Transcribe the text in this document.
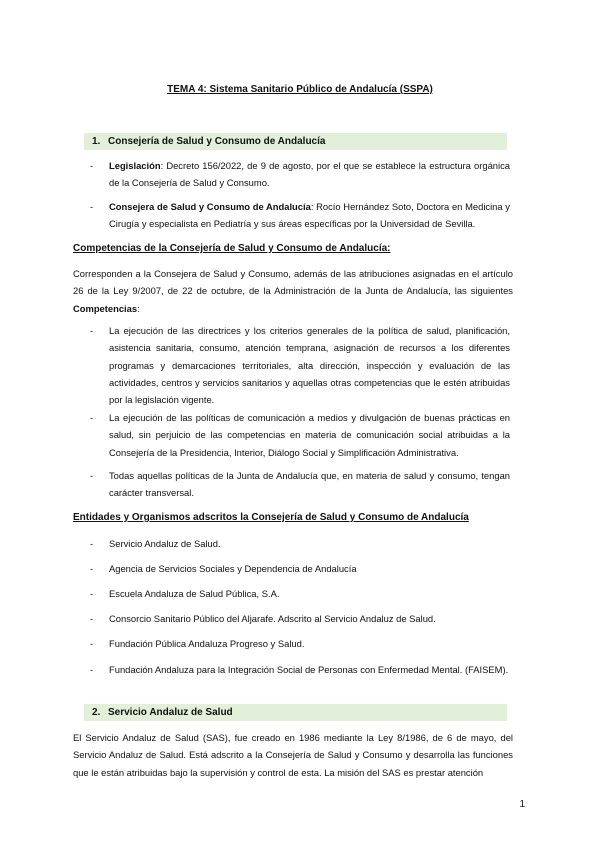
TEMA 4: Sistema Sanitario Público de Andalucía (SSPA)
1. Consejería de Salud y Consumo de Andalucía
- Legislación: Decreto 156/2022, de 9 de agosto, por el que se establece la estructura orgánica de la Consejería de Salud y Consumo.
- Consejera de Salud y Consumo de Andalucía: Rocío Hernández Soto, Doctora en Medicina y Cirugía y especialista en Pediatría y sus áreas específicas por la Universidad de Sevilla.
Competencias de la Consejería de Salud y Consumo de Andalucía:
Corresponden a la Consejera de Salud y Consumo, además de las atribuciones asignadas en el artículo 26 de la Ley 9/2007, de 22 de octubre, de la Administración de la Junta de Andalucía, las siguientes Competencias:
- La ejecución de las directrices y los criterios generales de la política de salud, planificación, asistencia sanitaria, consumo, atención temprana, asignación de recursos a los diferentes programas y demarcaciones territoriales, alta dirección, inspección y evaluación de las actividades, centros y servicios sanitarios y aquellas otras competencias que le estén atribuidas por la legislación vigente.
- La ejecución de las políticas de comunicación a medios y divulgación de buenas prácticas en salud, sin perjuicio de las competencias en materia de comunicación social atribuidas a la Consejería de la Presidencia, Interior, Diálogo Social y Simplificación Administrativa.
- Todas aquellas políticas de la Junta de Andalucía que, en materia de salud y consumo, tengan carácter transversal.
Entidades y Organismos adscritos la Consejería de Salud y Consumo de Andalucía
- Servicio Andaluz de Salud.
- Agencia de Servicios Sociales y Dependencia de Andalucía
- Escuela Andaluza de Salud Pública, S.A.
- Consorcio Sanitario Público del Aljarafe. Adscrito al Servicio Andaluz de Salud.
- Fundación Pública Andaluza Progreso y Salud.
- Fundación Andaluza para la Integración Social de Personas con Enfermedad Mental. (FAISEM).
2. Servicio Andaluz de Salud
El Servicio Andaluz de Salud (SAS), fue creado en 1986 mediante la Ley 8/1986, de 6 de mayo, del Servicio Andaluz de Salud. Está adscrito a la Consejería de Salud y Consumo y desarrolla las funciones que le están atribuidas bajo la supervisión y control de esta. La misión del SAS es prestar atención
1
